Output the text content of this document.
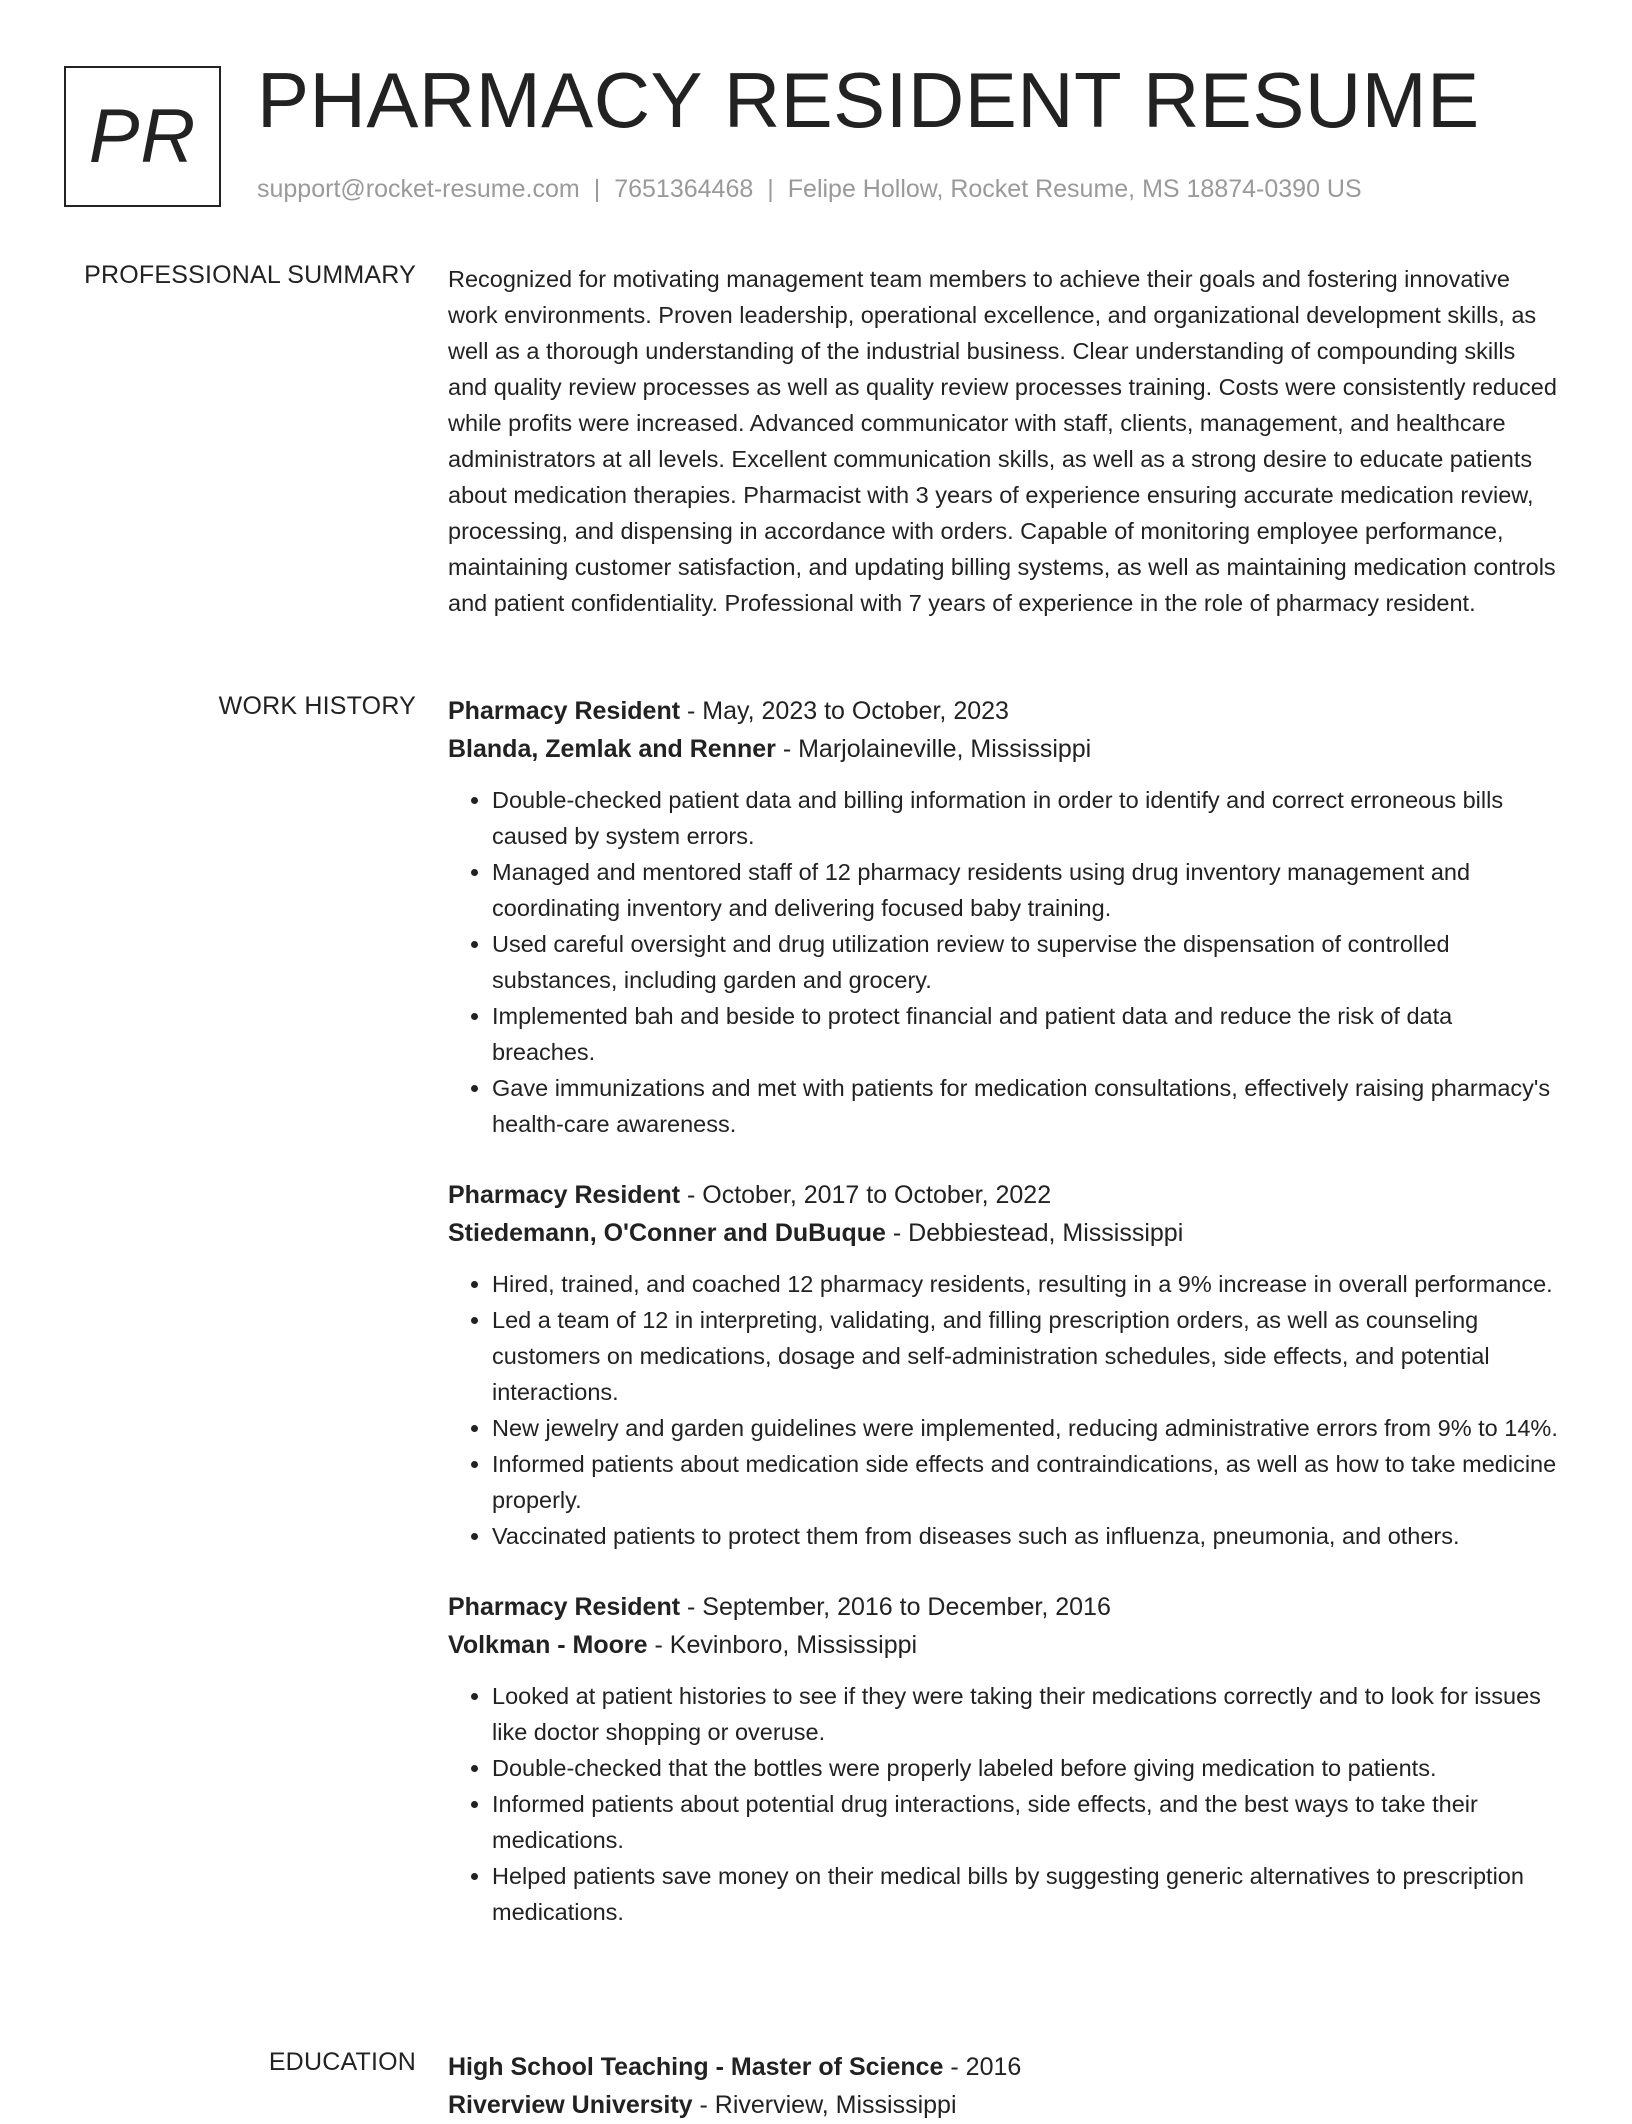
PR PHARMACY RESIDENT RESUME
support@rocket-resume.com | 7651364468 | Felipe Hollow, Rocket Resume, MS 18874-0390 US
PROFESSIONAL SUMMARY Recognized for motivating management team members to achieve their goals and fostering innovative work environments. Proven leadership, operational excellence, and organizational development skills, as well as a thorough understanding of the industrial business. Clear understanding of compounding skills and quality review processes as well as quality review processes training. Costs were consistently reduced while profits were increased. Advanced communicator with staff, clients, management, and healthcare administrators at all levels. Excellent communication skills, as well as a strong desire to educate patients about medication therapies. Pharmacist with 3 years of experience ensuring accurate medication review, processing, and dispensing in accordance with orders. Capable of monitoring employee performance, maintaining customer satisfaction, and updating billing systems, as well as maintaining medication controls and patient confidentiality. Professional with 7 years of experience in the role of pharmacy resident.

WORK HISTORY Pharmacy Resident - May, 2023 to October, 2023
Blanda, Zemlak and Renner - Marjolaineville, Mississippi
• Double-checked patient data and billing information in order to identify and correct erroneous bills caused by system errors.
• Managed and mentored staff of 12 pharmacy residents using drug inventory management and coordinating inventory and delivering focused baby training.
• Used careful oversight and drug utilization review to supervise the dispensation of controlled substances, including garden and grocery.
• Implemented bah and beside to protect financial and patient data and reduce the risk of data breaches.
• Gave immunizations and met with patients for medication consultations, effectively raising pharmacy's health-care awareness.
Pharmacy Resident - October, 2017 to October, 2022
Stiedemann, O'Conner and DuBuque - Debbiestead, Mississippi
• Hired, trained, and coached 12 pharmacy residents, resulting in a 9% increase in overall performance.
• Led a team of 12 in interpreting, validating, and filling prescription orders, as well as counseling customers on medications, dosage and self-administration schedules, side effects, and potential interactions.
• New jewelry and garden guidelines were implemented, reducing administrative errors from 9% to 14%.
• Informed patients about medication side effects and contraindications, as well as how to take medicine properly.
• Vaccinated patients to protect them from diseases such as influenza, pneumonia, and others.
Pharmacy Resident - September, 2016 to December, 2016
Volkman - Moore - Kevinboro, Mississippi
• Looked at patient histories to see if they were taking their medications correctly and to look for issues like doctor shopping or overuse.
• Double-checked that the bottles were properly labeled before giving medication to patients.
• Informed patients about potential drug interactions, side effects, and the best ways to take their medications.
• Helped patients save money on their medical bills by suggesting generic alternatives to prescription medications.
EDUCATION High School Teaching - Master of Science - 2016
Riverview University - Riverview, Mississippi
